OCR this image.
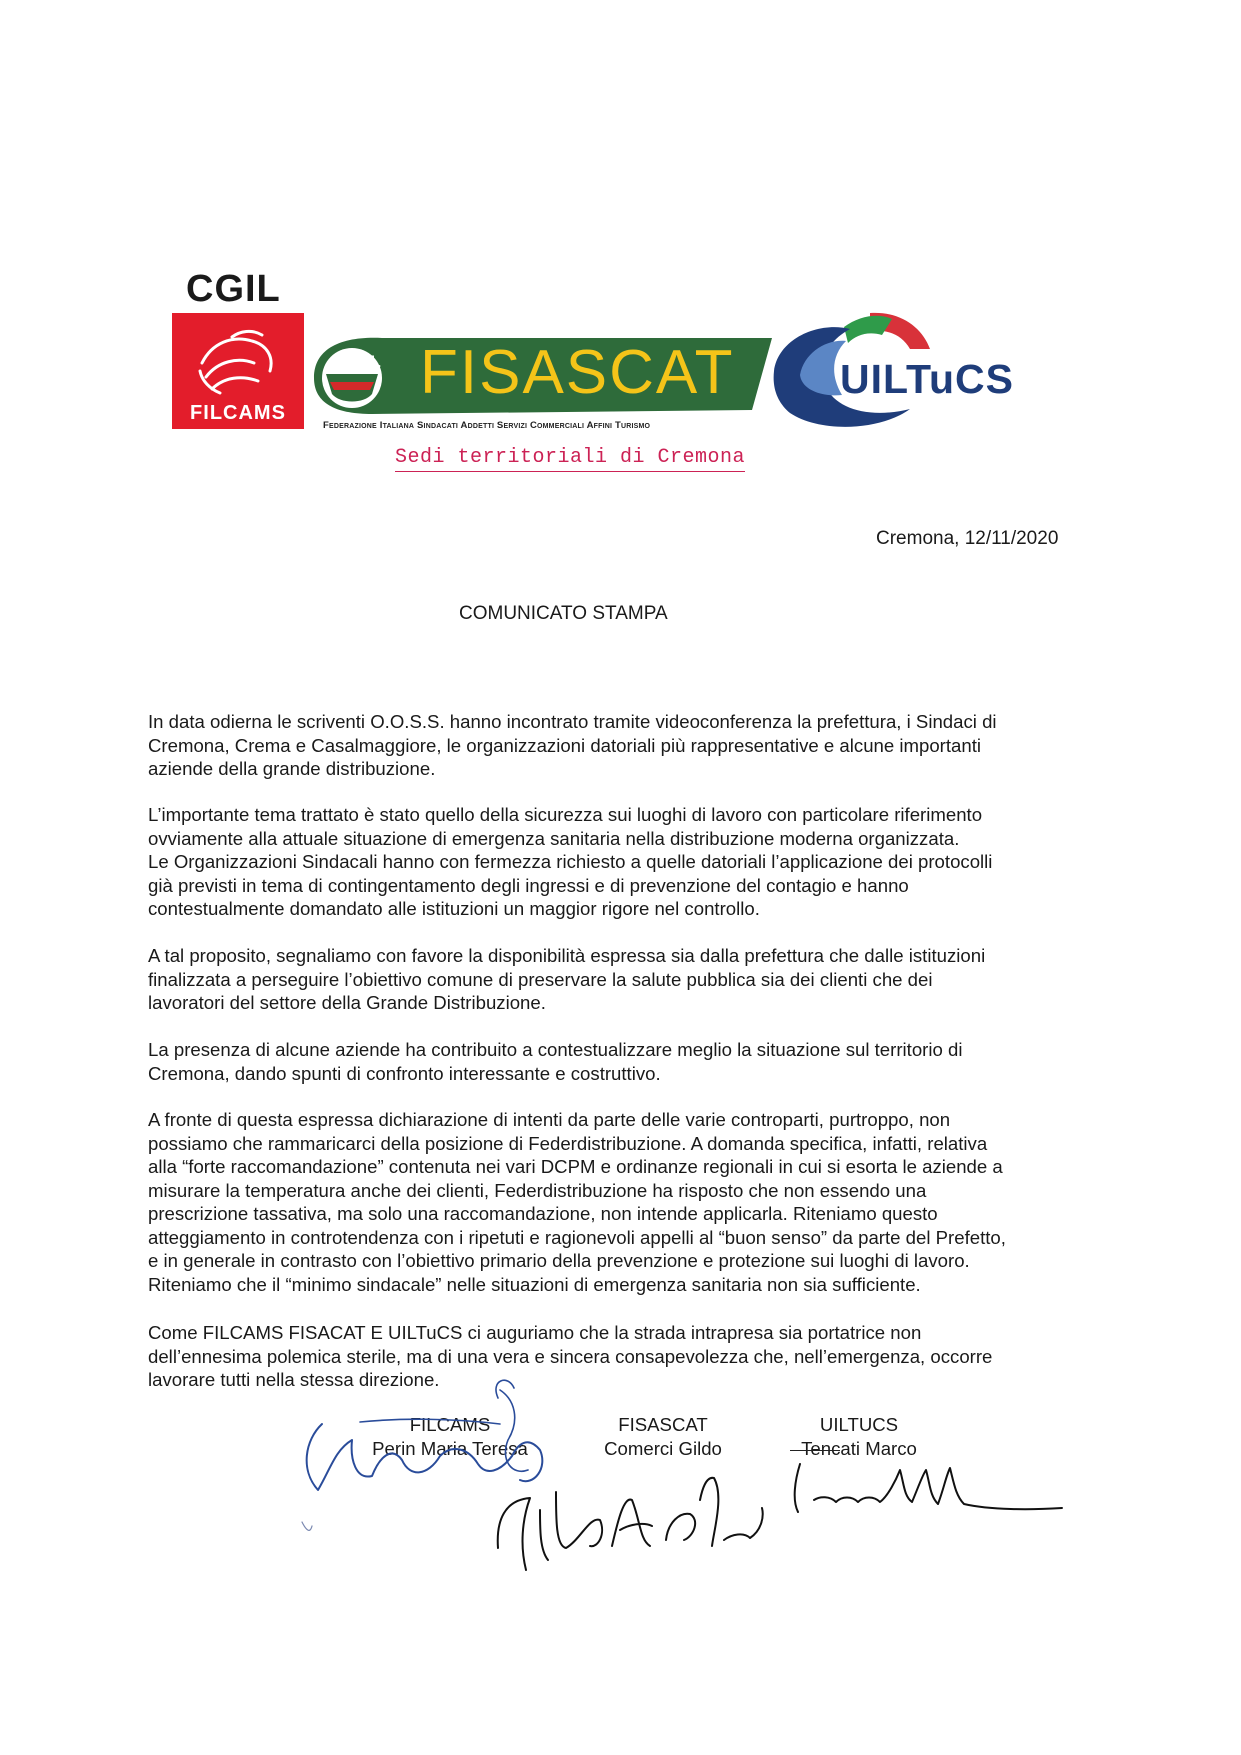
CGIL
FILCAMS
CISL FISASCAT
Federazione Italiana Sindacati Addetti Servizi Commerciali Affini Turismo
UILTuCS
Sedi territoriali di Cremona
Cremona, 12/11/2020
COMUNICATO STAMPA
In data odierna le scriventi O.O.S.S. hanno incontrato tramite videoconferenza la prefettura, i Sindaci di
Cremona, Crema e Casalmaggiore, le organizzazioni datoriali più rappresentative e alcune importanti
aziende della grande distribuzione.
L’importante tema trattato è stato quello della sicurezza sui luoghi di lavoro con particolare riferimento
ovviamente alla attuale situazione di emergenza sanitaria nella distribuzione moderna organizzata.
Le Organizzazioni Sindacali hanno con fermezza richiesto a quelle datoriali l’applicazione dei protocolli
già previsti in tema di contingentamento degli ingressi e di prevenzione del contagio e hanno
contestualmente domandato alle istituzioni un maggior rigore nel controllo.
A tal proposito, segnaliamo con favore la disponibilità espressa sia dalla prefettura che dalle istituzioni
finalizzata a perseguire l’obiettivo comune di preservare la salute pubblica sia dei clienti che dei
lavoratori del settore della Grande Distribuzione.
La presenza di alcune aziende ha contribuito a contestualizzare meglio la situazione sul territorio di
Cremona, dando spunti di confronto interessante e costruttivo.
A fronte di questa espressa dichiarazione di intenti da parte delle varie controparti, purtroppo, non
possiamo che rammaricarci della posizione di Federdistribuzione. A domanda specifica, infatti, relativa
alla “forte raccomandazione” contenuta nei vari DCPM e ordinanze regionali in cui si esorta le aziende a
misurare la temperatura anche dei clienti, Federdistribuzione ha risposto che non essendo una
prescrizione tassativa, ma solo una raccomandazione, non intende applicarla. Riteniamo questo
atteggiamento in controtendenza con i ripetuti e ragionevoli appelli al “buon senso” da parte del Prefetto,
e in generale in contrasto con l’obiettivo primario della prevenzione e protezione sui luoghi di lavoro.
Riteniamo che il “minimo sindacale” nelle situazioni di emergenza sanitaria non sia sufficiente.
Come FILCAMS FISACAT E UILTuCS ci auguriamo che la strada intrapresa sia portatrice non
dell’ennesima polemica sterile, ma di una vera e sincera consapevolezza che, nell’emergenza, occorre
lavorare tutti nella stessa direzione.
FILCAMS
Perin Maria Teresa
FISASCAT
Comerci Gildo
UILTUCS
Tencati Marco
